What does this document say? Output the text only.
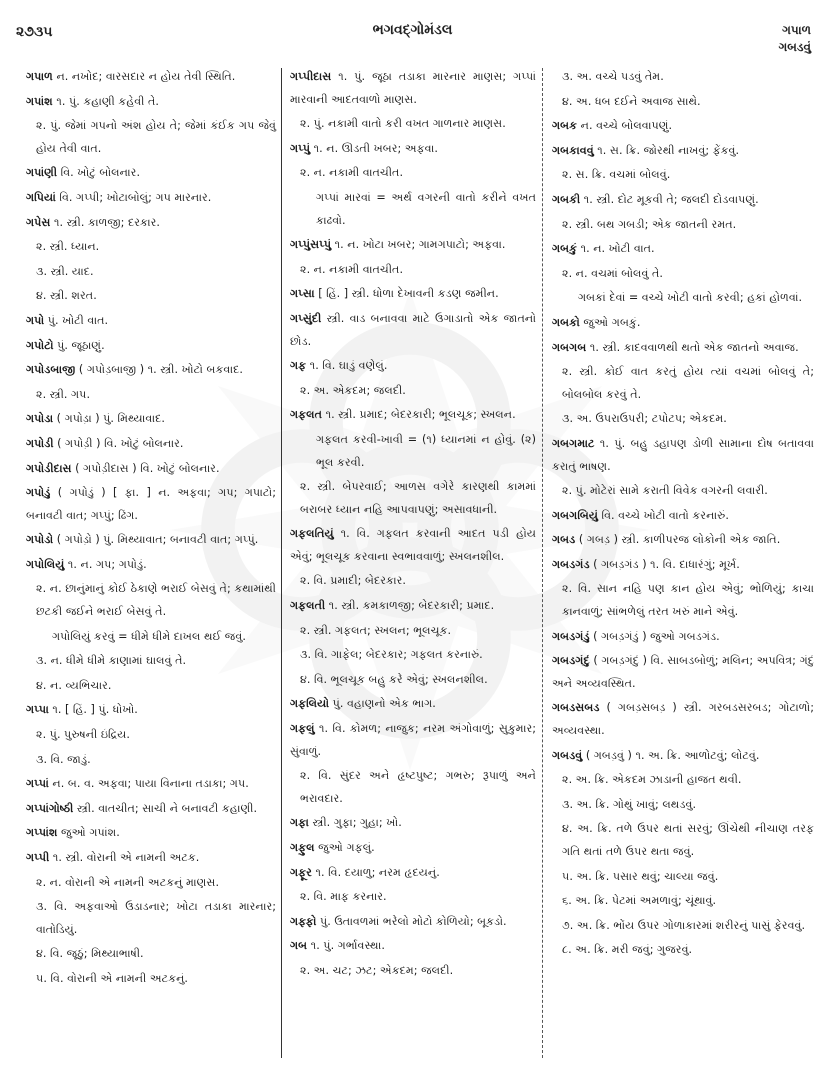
૨૭૩૫	ભગવદ્ગોમંડલ	ગપાળ
ગબડવું
ગપાળ ન. નખોદ; વારસદાર ન હોય તેવી સ્થિતિ.
ગપાંશ ૧. પું. કહાણી કહેવી તે.
૨. પું. જેમાં ગપનો અંશ હોય તે; જેમાં કંઈક ગપ જેવું હોય તેવી વાત.
ગપાંણી વિ. ખોટું બોલનાર.
ગપિયાં વિ. ગપ્પી; ખોટાબોલું; ગપ મારનાર.
ગપેસ ૧. સ્ત્રી. કાળજી; દરકાર.
૨. સ્ત્રી. ધ્યાન.
૩. સ્ત્રી. યાદ.
૪. સ્ત્રી. શરત.
ગપો પું. ખોટી વાત.
ગપોટો પું. જૂઠાણું.
ગપોડબાજી ( ગપોડ઼બાજી ) ૧. સ્ત્રી. ખોટો બકવાદ.
૨. સ્ત્રી. ગપ.
ગપોડા ( ગપોડ઼ા ) પું. મિથ્યાવાદ.
ગપોડી ( ગપોડ઼ી ) વિ. ખોટું બોલનાર.
ગપોડીદાસ ( ગપોડ઼ીદાસ ) વિ. ખોટું બોલનાર.
ગપોડું ( ગપોડ઼ું ) [ ફા. ] ન. અફવા; ગપ; ગપાટો; બનાવટી વાત; ગપ્પું; ઢિંગ.
ગપોડો ( ગપોડ઼ો ) પું. મિથ્યાવાત; બનાવટી વાત; ગપ્પું.
ગપોલિયું ૧. ન. ગપ; ગપોડું.
૨. ન. છાનુંમાનું કોઈ ઠેકાણે ભરાઈ બેસવું તે; કથામાંથી છટકી જઈને ભરાઈ બેસવું તે.
ગપોલિયું કરવું = ધીમે ધીમે દાખલ થઈ જવું.
૩. ન. ધીમે ધીમે કાણામાં ઘાલવું તે.
૪. ન. વ્યભિચાર.
ગપ્પા ૧. [ હિં. ] પું. ધોખો.
૨. પું. પુરુષની ઇંદ્રિય.
૩. વિ. જાડું.
ગપ્પાં ન. બ. વ. અફવા; પાયા વિનાના તડાકા; ગપ.
ગપ્પાંગોષ્ઠી સ્ત્રી. વાતચીત; સાચી ને બનાવટી કહાણી.
ગપ્પાંશ જુઓ ગપાંશ.
ગપ્પી ૧. સ્ત્રી. વોરાની એ નામની અટક.
૨. ન. વોરાની એ નામની અટકનું માણસ.
૩. વિ. અફવાઓ ઉડાડનાર; ખોટા તડાકા મારનાર; વાતોડિયું.
૪. વિ. જૂઠું; મિથ્યાભાષી.
૫. વિ. વોરાની એ નામની અટકનું.
ગપ્પીદાસ ૧. પું. જૂઠા તડાકા મારનાર માણસ; ગપ્પાં મારવાની આદતવાળો માણસ.
૨. પું. નકામી વાતો કરી વખત ગાળનાર માણસ.
ગપ્પું ૧. ન. ઊડતી ખબર; અફવા.
૨. ન. નકામી વાતચીત.
ગપ્પાં મારવાં = અર્થ વગરની વાતો કરીને વખત કાઢવો.
ગપ્પુંસપ્પું ૧. ન. ખોટા ખબર; ગામગપાટો; અફવા.
૨. ન. નકામી વાતચીત.
ગપ્સા [ હિં. ] સ્ત્રી. ધોળા દેખાવની કડણ જમીન.
ગપ્સુંદી સ્ત્રી. વાડ બનાવવા માટે ઉગાડાતો એક જાતનો છોડ.
ગફ ૧. વિ. ઘાડું વણેલું.
૨. અ. એકદમ; જલદી.
ગફલત ૧. સ્ત્રી. પ્રમાદ; બેદરકારી; ભૂલચૂક; સ્ખલન.
ગફલત કરવી-ખાવી = (૧) ધ્યાનમાં ન હોવું. (૨) ભૂલ કરવી.
૨. સ્ત્રી. બેપરવાઈ; આળસ વગેરે કારણથી કામમાં બરાબર ધ્યાન નહિ આપવાપણું; અસાવધાની.
ગફલતિયું ૧. વિ. ગફલત કરવાની આદત પડી હોય એવું; ભૂલચૂક કરવાના સ્વભાવવાળું; સ્ખલનશીલ.
૨. વિ. પ્રમાદી; બેદરકાર.
ગફલતી ૧. સ્ત્રી. કમકાળજી; બેદરકારી; પ્રમાદ.
૨. સ્ત્રી. ગફલત; સ્ખલન; ભૂલચૂક.
૩. વિ. ગાફેલ; બેદરકાર; ગફલત કરનારું.
૪. વિ. ભૂલચૂક બહુ કરે એવું; સ્ખલનશીલ.
ગફલિયો પું. વહાણનો એક ભાગ.
ગફલું ૧. વિ. કોમળ; નાજુક; નરમ અંગોવાળું; સુકુમાર; સુંવાળું.
૨. વિ. સુંદર અને હૃષ્ટપુષ્ટ; ગભરુ; રૂપાળું અને ભરાવદાર.
ગફા સ્ત્રી. ગુફા; ગુહા; ખો.
ગફુલ જુઓ ગફલું.
ગફૂર ૧. વિ. દયાળુ; નરમ હૃદયનું.
૨. વિ. માફ કરનાર.
ગફ્ફો પું. ઉતાવળમાં ભરેલો મોટો કોળિયો; બૂકડો.
ગબ ૧. પું. ગર્ભાવસ્થા.
૨. અ. ચટ; ઝટ; એકદમ; જલદી.
૩. અ. વચ્ચે પડવું તેમ.
૪. અ. ધબ દઈને અવાજ સાથે.
ગબક ન. વચ્ચે બોલવાપણું.
ગબકાવવું ૧. સ. ક્રિ. જોરથી નાખવું; ફેંકવું.
૨. સ. ક્રિ. વચમાં બોલવું.
ગબકી ૧. સ્ત્રી. દોટ મૂકવી તે; જલદી દોડવાપણું.
૨. સ્ત્રી. બથ ગબડી; એક જાતની રમત.
ગબકું ૧. ન. ખોટી વાત.
૨. ન. વચમાં બોલવું તે.
ગબકાં દેવાં = વચ્ચે ખોટી વાતો કરવી; હકાં હોળવાં.
ગબકો જુઓ ગબકું.
ગબગબ ૧. સ્ત્રી. કાદવવાળથી થતો એક જાતનો અવાજ.
૨. સ્ત્રી. કોઈ વાત કરતું હોય ત્યાં વચમાં બોલવું તે; બોલબોલ કરવું તે.
૩. અ. ઉપરાઉપરી; ટપોટપ; એકદમ.
ગબગમાટ ૧. પું. બહુ ડહાપણ ડોળી સામાના દોષ બતાવવા કરાતું ભાષણ.
૨. પું. મોટેરાં સામે કરાતી વિવેક વગરની લવારી.
ગબગબિયું વિ. વચ્ચે ખોટી વાતો કરનારું.
ગબડ ( ગબડ઼ ) સ્ત્રી. કાળીપરજ લોકોની એક જાતિ.
ગબડગંડ ( ગબડ઼ગંડ ) ૧. વિ. દાધારંગું; મૂર્ખ.
૨. વિ. સાન નહિ પણ કાન હોય એવું; ભોળિયું; કાચા કાનવાળું; સાંભળેલું તરત ખરું માને એવું.
ગબડગંડું ( ગબડ઼ગંડું ) જુઓ ગબડગંડ.
ગબડગંદું ( ગબડ઼ગંદું ) વિ. સાબડબોળું; મલિન; અપવિત્ર; ગંદું અને અવ્યવસ્થિત.
ગબડસબડ ( ગબડ઼સબડ઼ ) સ્ત્રી. ગરબડસરબડ; ગોટાળો; અવ્યવસ્થા.
ગબડવું ( ગબડ઼વું ) ૧. અ. ક્રિ. આળોટવું; લોટવું.
૨. અ. ક્રિ. એકદમ ઝાડાની હાજત થવી.
૩. અ. ક્રિ. ગોથું ખાવું; લથડવું.
૪. અ. ક્રિ. તળે ઉપર થતાં સરવું; ઊંચેથી નીચાણ તરફ ગતિ થતાં તળે ઉપર થતા જવું.
૫. અ. ક્રિ. પસાર થવું; ચાલ્યા જવું.
૬. અ. ક્રિ. પેટમાં અમળાવું; ચૂંથાવું.
૭. અ. ક્રિ. ભોંય ઉપર ગોળાકારમાં શરીરનું પાસું ફેરવવું.
૮. અ. ક્રિ. મરી જવું; ગુજરવું.
